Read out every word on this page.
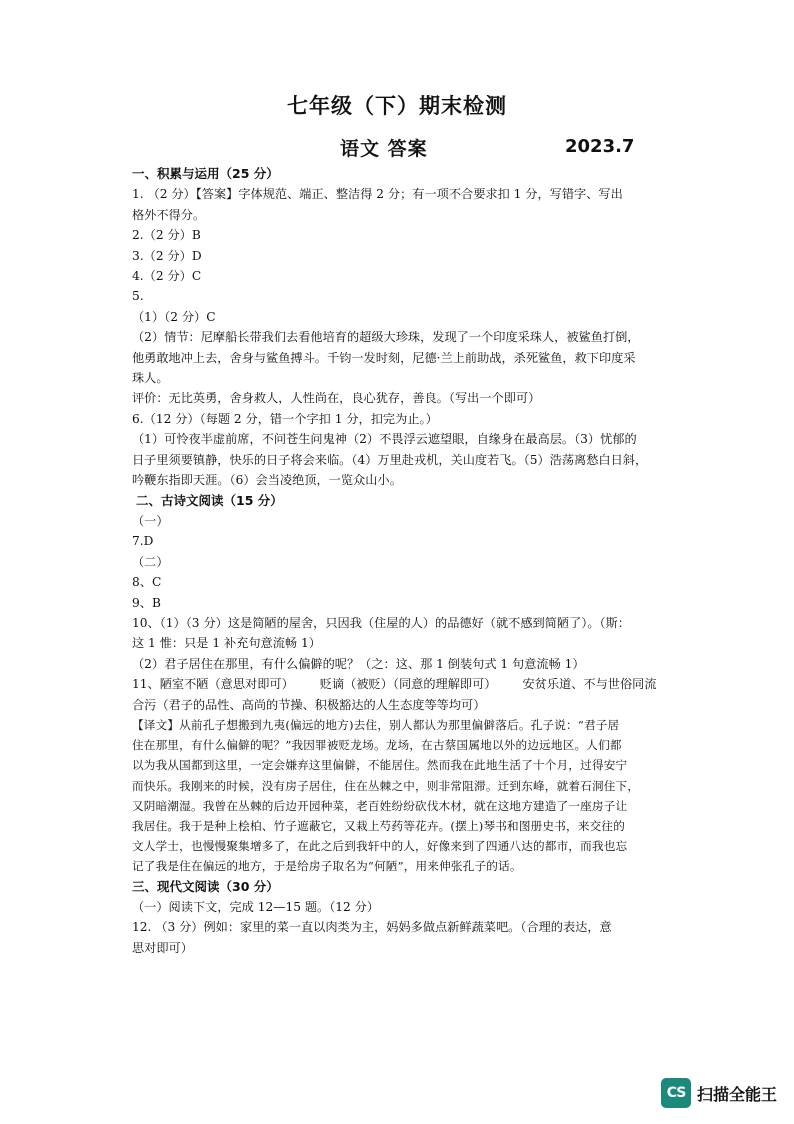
七年级（下）期末检测
语文 答案	2023.7

一、积累与运用（25 分）

1. （2 分）【答案】字体规范、端正、整洁得 2 分；有一项不合要求扣 1 分，写错字、写出

格外不得分。

2.（2 分）B

3.（2 分）D

4.（2 分）C

5.

（1）（2 分）C

（2）情节：尼摩船长带我们去看他培育的超级大珍珠，发现了一个印度采珠人，被鲨鱼打倒，

他勇敢地冲上去，舍身与鲨鱼搏斗。千钧一发时刻，尼德·兰上前助战，杀死鲨鱼，救下印度采

珠人。

评价：无比英勇，舍身救人，人性尚在，良心犹存，善良。（写出一个即可）

6.（12 分）（每题 2 分，错一个字扣 1 分，扣完为止。）

（1）可怜夜半虚前席，不问苍生问鬼神（2）不畏浮云遮望眼，自缘身在最高层。（3）忧郁的

日子里须要镇静，快乐的日子将会来临。（4）万里赴戎机，关山度若飞。（5）浩荡离愁白日斜，

吟鞭东指即天涯。（6）会当凌绝顶，一览众山小。

二、古诗文阅读（15 分）

（一）

7.D

（二）

8、C

9、B

10、（1）（3 分）这是简陋的屋舍，只因我（住屋的人）的品德好（就不感到简陋了）。（斯：

这 1 惟：只是 1 补充句意流畅 1）

（2）君子居住在那里，有什么偏僻的呢？（之：这、那 1 倒装句式 1 句意流畅 1）

11、陋室不陋（意思对即可） 贬谪（被贬）（同意的理解即可） 安贫乐道、不与世俗同流

合污（君子的品性、高尚的节操、积极豁达的人生态度等等均可）

【译文】从前孔子想搬到九夷(偏远的地方)去住，别人都认为那里偏僻落后。孔子说：“君子居

住在那里，有什么偏僻的呢？”我因罪被贬龙场。龙场，在古蔡国属地以外的边远地区。人们都

以为我从国都到这里，一定会嫌弃这里偏僻，不能居住。然而我在此地生活了十个月，过得安宁

而快乐。我刚来的时候，没有房子居住，住在丛棘之中，则非常阻滞。迁到东峰，就着石洞住下，

又阴暗潮湿。我曾在丛棘的后边开园种菜，老百姓纷纷砍伐木材，就在这地方建造了一座房子让

我居住。我于是种上桧柏、竹子遮蔽它，又栽上芍药等花卉。(摆上)琴书和图册史书，来交往的

文人学士，也慢慢聚集增多了，在此之后到我轩中的人，好像来到了四通八达的都市，而我也忘

记了我是住在偏远的地方，于是给房子取名为“何陋”，用来伸张孔子的话。

三、现代文阅读（30 分）

（一）阅读下文，完成 12—15 题。（12 分）

12. （3 分）例如：家里的菜一直以肉类为主，妈妈多做点新鲜蔬菜吧。（合理的表达，意

思对即可）

CS 扫描全能王
